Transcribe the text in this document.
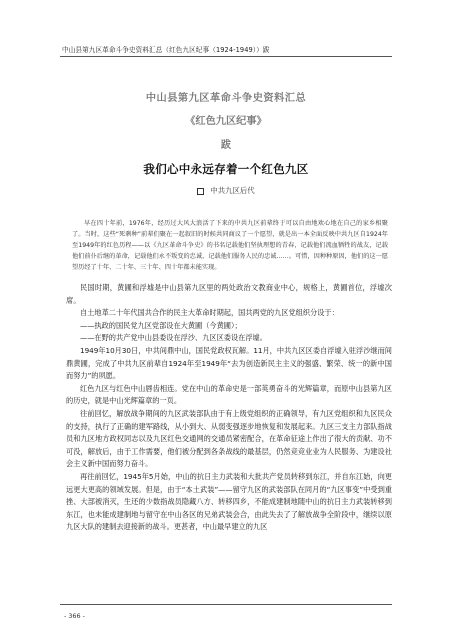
中山县第九区革命斗争史资料汇总（红色九区纪事（1924-1949））跋
中山县第九区革命斗争史资料汇总
《红色九区纪事》
跋
我们心中永远存着一个红色九区
中共九区后代
早在四十年前，1976年，经历过大风大浪活了下来的中共九区前辈终于可以自由地欢心地在自己的家乡相聚了。当时，这些“死剩种”前辈们聚在一起叙旧的时候共同商议了一个愿望，就是出一本全面反映中共九区自1924年至1949年的红色历程——以《九区革命斗争史》的书名记载他们坚执理想的青春，记载他们流血牺牲的战友，记载他们前仆后继的革命，记载他们永不叛变的忠诚，记载他们服务人民的忠诚……。可惜，因种种原因，他们的这一愿望历经了十年、二十年、三十年、四十年都未能实现。

民国时期，黄圃和浮墟是中山县第九区里的两处政治文教商业中心，规格上，黄圃首位，浮墟次席。

自土地革二十年代国共合作的民主大革命时期起，国共两党的九区党组织分设于：

——执政的国民党九区党部设在大黄圃（今黄圃）；

——在野的共产党中山县委设在浮沙、九区区委设在浮墟。

1949年10月30日，中共间鼎中山，国民党政权瓦解。11月，中共九区区委自浮墟入驻浮沙继而间鼎黄圃，完成了中共九区前辈自1924年至1949年“去为创造新民主主义的强盛、繁荣、统一的新中国而努力”的夙愿。

红色九区与红色中山唇齿相连。党在中山的革命史是一部英勇奋斗的光辉篇章，而原中山县第九区的历史，就是中山光辉篇章的一页。

往前回忆，解放战争期间的九区武装部队由于有上级党组织的正确领导，有九区党组织和九区民众的支持，执行了正确的建军路线，从小到大、从弱变强逐步地恢复和发展起来。九区三支主力部队指战员和九区地方政权同志以及九区红色交通网的交通员紧密配合，在革命征途上作出了很大的贡献、功不可没，解放后，由于工作需要，他们被分配到各条战线的最基层，仍然竞竞业业为人民服务、为建设社会主义新中国而努力奋斗。

再往前回忆，1945年5月始，中山的抗日主力武装和大批共产党员转移到东江，并自东江始，向更远更大更高的领域发展。但是，由于“本土武装”——留守九区的武装部队在同月的“九区事变”中受到重挫、大部被消灭，生还的少数指战员隐藏八方、转移四乡，不能成建制地随中山的抗日主力武装转移到东江，也未能成建制地与留守在中山各区的兄弟武装会合，由此失去了了解放战争全阶段中，继续以原九区大队的建制去迎接新的战斗。更甚者，中山最早建立的九区

- 366 -
